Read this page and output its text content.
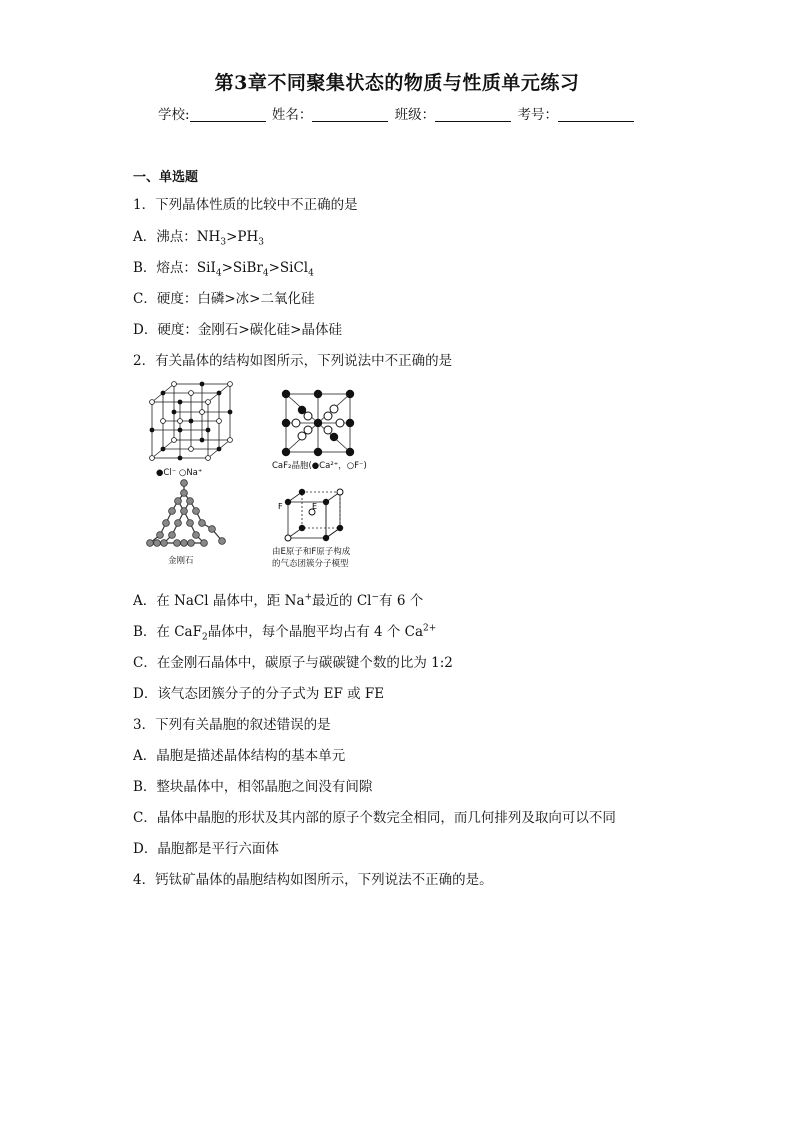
第3章不同聚集状态的物质与性质单元练习
学校:	姓名：	班级：	考号：
一、单选题
1．下列晶体性质的比较中不正确的是
A．沸点：$NH_3>PH_3$
B．熔点：SiI$_4$>SiBr$_4$>SiCl$_4$
C．硬度：白磷>冰>二氧化硅
D．硬度：金刚石>碳化硅>晶体硅
2．有关晶体的结构如图所示，下列说法中不正确的是
●Cl⁻ ○Na⁺
CaF₂晶胞(●Ca²⁺，○F⁻)
金刚石
F	E
由E原子和F原子构成
的气态团簇分子模型
A．在 NaCl 晶体中，距 Na+最近的 Cl−有 6 个
B．在 CaF$_2$晶体中，每个晶胞平均占有 4 个 $Ca^{2+}$
C．在金刚石晶体中，碳原子与碳碳键个数的比为 1:2
D．该气态团簇分子的分子式为 EF 或 FE
3．下列有关晶胞的叙述错误的是
A．晶胞是描述晶体结构的基本单元
B．整块晶体中，相邻晶胞之间没有间隙
C．晶体中晶胞的形状及其内部的原子个数完全相同，而几何排列及取向可以不同
D．晶胞都是平行六面体
4．钙钛矿晶体的晶胞结构如图所示，下列说法不正确的是。
